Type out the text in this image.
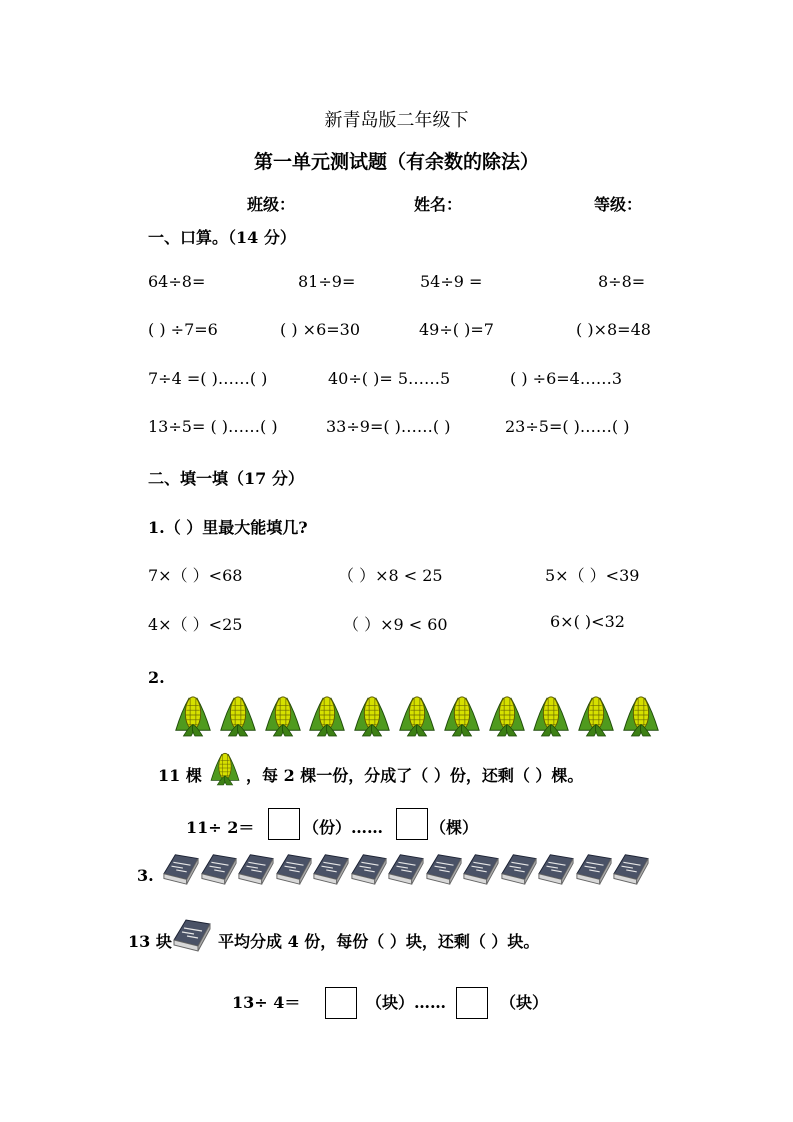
新青岛版二年级下
第一单元测试题（有余数的除法）
班级：	姓名：	等级：
一、口算。（14 分）
64÷8=	81÷9=	54÷9 =	8÷8=
( ) ÷7=6	( ) ×6=30	49÷( )=7	( )×8=48
7÷4 =( )……( )	40÷( )= 5……5	( ) ÷6=4……3
13÷5= ( )……( )	33÷9=( )……( )	23÷5=( )……( )
二、填一填（17 分）
1.（ ）里最大能填几?
7×（ ）<68	（ ）×8 < 25	5×（ ）<39
4×（ ）<25	（ ）×9 < 60	6×( )<32
2.
11 棵	，每 2 棵一份，分成了（ ）份，还剩（ ）棵。
11÷ 2＝	（份）……	（棵）
3.
13 块	平均分成 4 份，每份（ ）块，还剩（ ）块。
13÷ 4＝	（块）……	（块）
